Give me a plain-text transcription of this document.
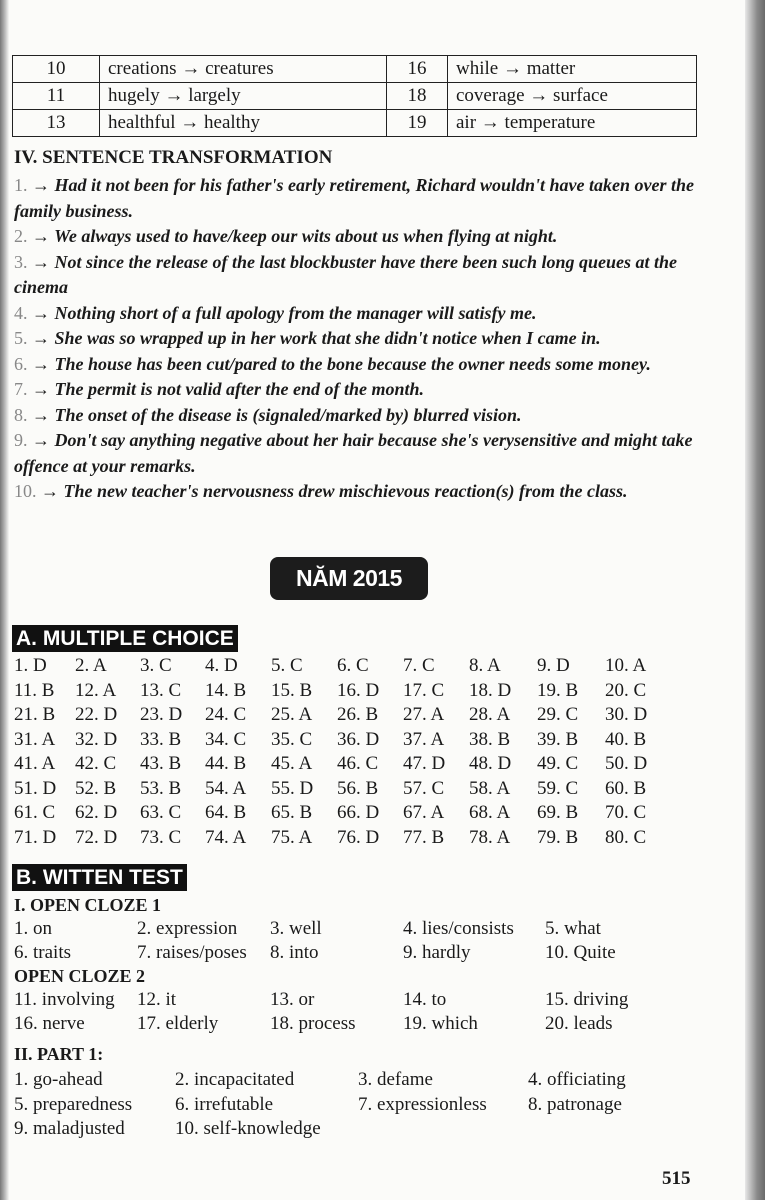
10	creations → creatures	16	while → matter
11	hugely → largely	18	coverage → surface
13	healthful → healthy	19	air → temperature
IV. SENTENCE TRANSFORMATION
1. → Had it not been for his father's early retirement, Richard wouldn't have taken over the family business.
2. → We always used to have/keep our wits about us when flying at night.
3. → Not since the release of the last blockbuster have there been such long queues at the cinema
4. → Nothing short of a full apology from the manager will satisfy me.
5. → She was so wrapped up in her work that she didn't notice when I came in.
6. → The house has been cut/pared to the bone because the owner needs some money.
7. → The permit is not valid after the end of the month.
8. → The onset of the disease is (signaled/marked by) blurred vision.
9. → Don't say anything negative about her hair because she's verysensitive and might take offence at your remarks.
10. → The new teacher's nervousness drew mischievous reaction(s) from the class.
NĂM 2015
A. MULTIPLE CHOICE
1. D 2. A 3. C 4. D 5. C 6. C 7. C 8. A 9. D 10. A
11. B 12. A 13. C 14. B 15. B 16. D 17. C 18. D 19. B 20. C
21. B 22. D 23. D 24. C 25. A 26. B 27. A 28. A 29. C 30. D
31. A 32. D 33. B 34. C 35. C 36. D 37. A 38. B 39. B 40. B
41. A 42. C 43. B 44. B 45. A 46. C 47. D 48. D 49. C 50. D
51. D 52. B 53. B 54. A 55. D 56. B 57. C 58. A 59. C 60. B
61. C 62. D 63. C 64. B 65. B 66. D 67. A 68. A 69. B 70. C
71. D 72. D 73. C 74. A 75. A 76. D 77. B 78. A 79. B 80. C
B. WITTEN TEST
I. OPEN CLOZE 1
1. on	2. expression 3. well	4. lies/consists 5. what
6. traits	7. raises/poses 8. into	9. hardly	10. Quite
OPEN CLOZE 2
11. involving 12. it	13. or	14. to	15. driving
16. nerve	17. elderly	18. process	19. which	20. leads
II. PART 1:
1. go-ahead	2. incapacitated	3. defame	4. officiating
5. preparedness 6. irrefutable	7. expressionless 8. patronage
9. maladjusted	10. self-knowledge
515
